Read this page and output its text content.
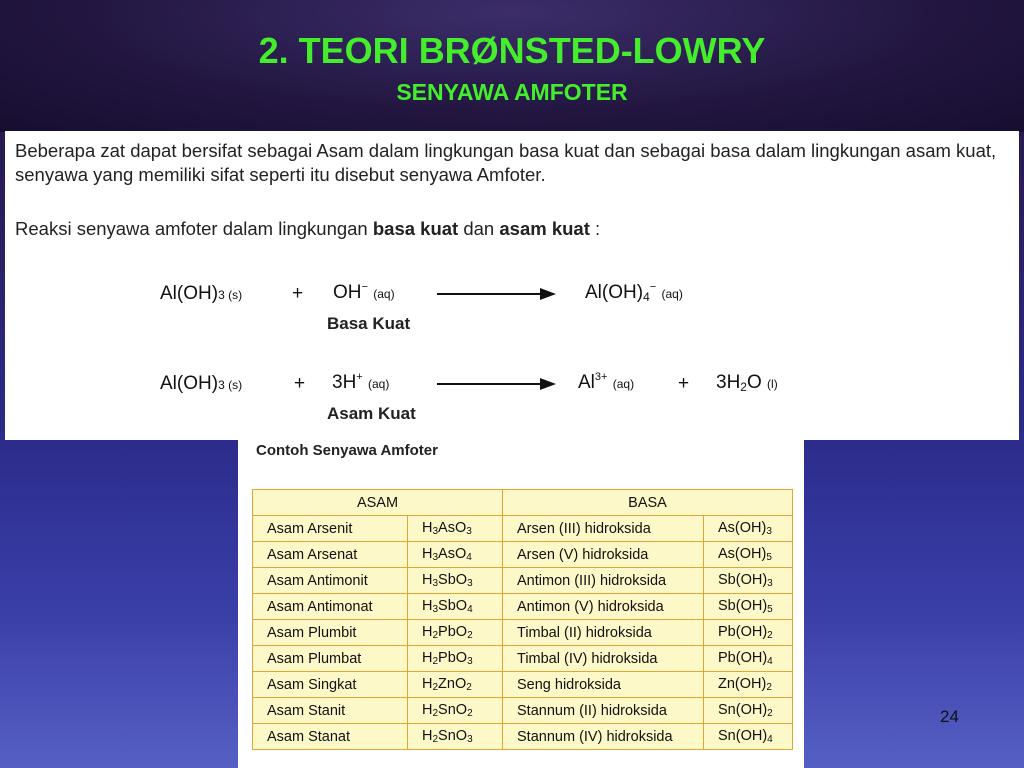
2. TEORI BRØNSTED-LOWRY
SENYAWA AMFOTER
Beberapa zat dapat bersifat sebagai Asam dalam lingkungan basa kuat dan sebagai basa dalam lingkungan asam kuat, senyawa yang memiliki sifat seperti itu disebut senyawa Amfoter.
Reaksi senyawa amfoter dalam lingkungan basa kuat dan asam kuat :
Al(OH)3 (s)	+ OH− (aq)	$Al(OH)_4^-$ (aq)
Basa Kuat
Al(OH)3 (s)	+ 3H+ (aq)	$Al^{3+}$ $(aq) + 3H_2O$ (l)
Asam Kuat
Contoh Senyawa Amfoter
ASAM		BASA	
Asam Arsenit	$H_3AsO_3$	Arsen (III) hidroksida	$As(OH)_3$
Asam Arsenat	$H_3AsO_4$	Arsen (V) hidroksida	$As(OH)_5$
Asam Antimonit	$H_3SbO_3$	Antimon (III) hidroksida	$Sb(OH)_3$
Asam Antimonat	$H_3SbO_4$	Antimon (V) hidroksida	$Sb(OH)_5$
Asam Plumbit	$H_2PbO_2$	Timbal (II) hidroksida	$Pb(OH)_2$
Asam Plumbat	$H_2PbO_3$	Timbal (IV) hidroksida	$Pb(OH)_4$
Asam Singkat	$H_2ZnO_2$	Seng hidroksida	$Zn(OH)_2$
Asam Stanit	$H_2SnO_2$	Stannum (II) hidroksida	$Sn(OH)_2$
Asam Stanat	$H_2SnO_3$	Stannum (IV) hidroksida	$Sn(OH)_4$
24
